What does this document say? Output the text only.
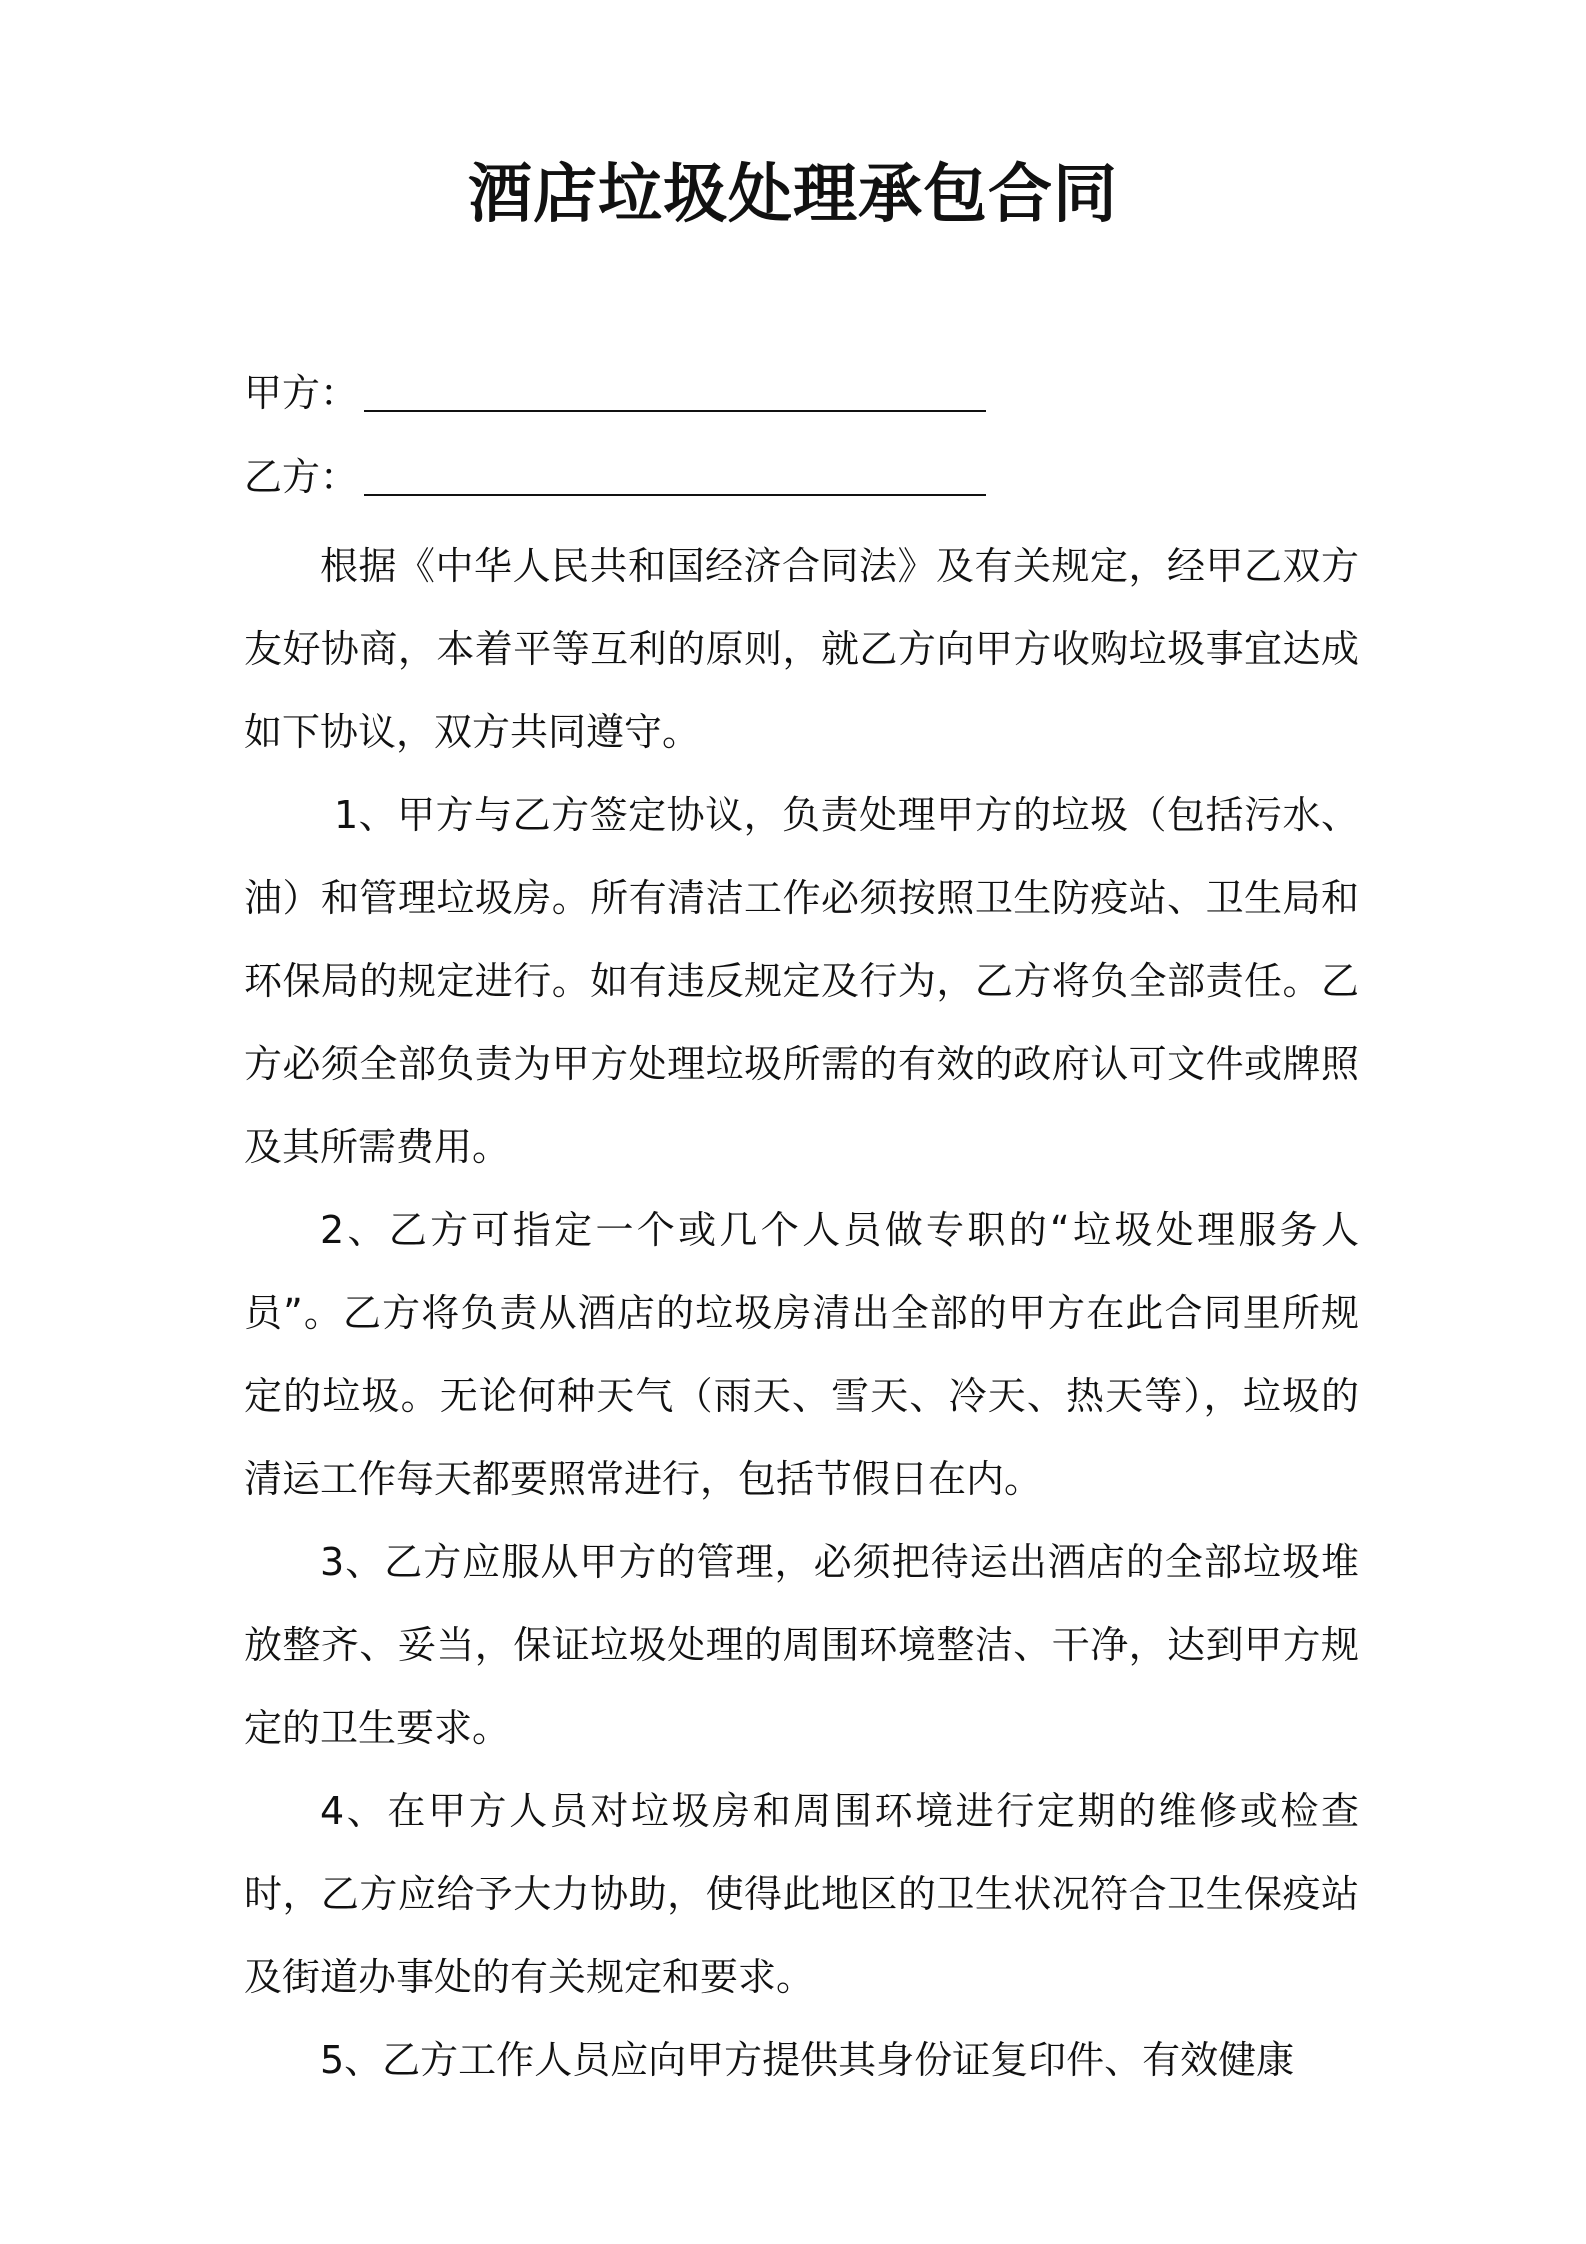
酒店垃圾处理承包合同
甲方：
乙方：

根据《中华人民共和国经济合同法》及有关规定，经甲乙双方友好协商，本着平等互利的原则，就乙方向甲方收购垃圾事宜达成如下协议，双方共同遵守。

1、甲方与乙方签定协议，负责处理甲方的垃圾（包括污水、油）和管理垃圾房。所有清洁工作必须按照卫生防疫站、卫生局和环保局的规定进行。如有违反规定及行为，乙方将负全部责任。乙方必须全部负责为甲方处理垃圾所需的有效的政府认可文件或牌照及其所需费用。

2、乙方可指定一个或几个人员做专职的“垃圾处理服务人员”。乙方将负责从酒店的垃圾房清出全部的甲方在此合同里所规定的垃圾。无论何种天气（雨天、雪天、冷天、热天等），垃圾的清运工作每天都要照常进行，包括节假日在内。

3、乙方应服从甲方的管理，必须把待运出酒店的全部垃圾堆放整齐、妥当，保证垃圾处理的周围环境整洁、干净，达到甲方规定的卫生要求。

4、在甲方人员对垃圾房和周围环境进行定期的维修或检查时，乙方应给予大力协助，使得此地区的卫生状况符合卫生保疫站及街道办事处的有关规定和要求。

5、乙方工作人员应向甲方提供其身份证复印件、有效健康
